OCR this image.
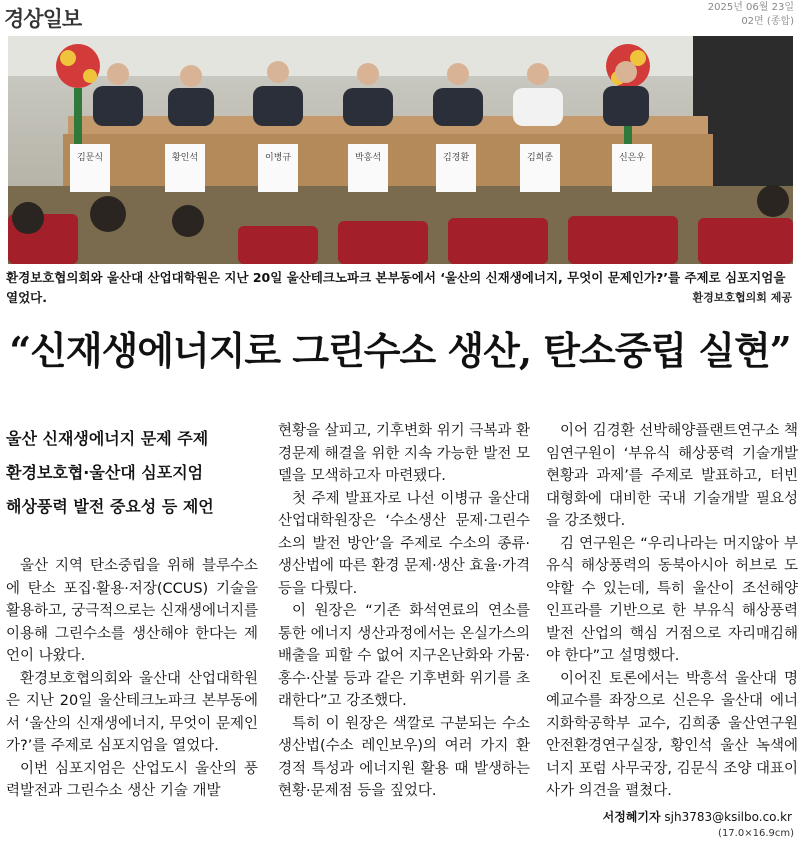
경상일보	2025년 06월 23일
02면 (종합)
김문식	황인석	이병규	박흥석	김경환	김희종	신은우
환경보호협의회와 울산대 산업대학원은 지난 20일 울산테크노파크 본부동에서 ‘울산의 신재생에너지, 무엇이 문제인가?’를 주제로 심포지엄을 열었다.	환경보호협의회 제공
“신재생에너지로 그린수소 생산, 탄소중립 실현”
울산 신재생에너지 문제 주제
환경보호협·울산대 심포지엄
해상풍력 발전 중요성 등 제언

울산 지역 탄소중립을 위해 블루수소에 탄소 포집·활용·저장(CCUS) 기술을 활용하고, 궁극적으로는 신재생에너지를 이용해 그린수소를 생산해야 한다는 제언이 나왔다.

환경보호협의회와 울산대 산업대학원은 지난 20일 울산테크노파크 본부동에서 ‘울산의 신재생에너지, 무엇이 문제인가?’를 주제로 심포지엄을 열었다.

이번 심포지엄은 산업도시 울산의 풍력발전과 그린수소 생산 기술 개발

현황을 살피고, 기후변화 위기 극복과 환경문제 해결을 위한 지속 가능한 발전 모델을 모색하고자 마련됐다.

첫 주제 발표자로 나선 이병규 울산대 산업대학원장은 ‘수소생산 문제·그린수소의 발전 방안’을 주제로 수소의 종류·생산법에 따른 환경 문제·생산 효율·가격 등을 다뤘다.

이 원장은 “기존 화석연료의 연소를 통한 에너지 생산과정에서는 온실가스의 배출을 피할 수 없어 지구온난화와 가뭄·홍수·산불 등과 같은 기후변화 위기를 초래한다”고 강조했다.

특히 이 원장은 색깔로 구분되는 수소생산법(수소 레인보우)의 여러 가지 환경적 특성과 에너지원 활용 때 발생하는 현황·문제점 등을 짚었다.

이어 김경환 선박해양플랜트연구소 책임연구원이 ‘부유식 해상풍력 기술개발 현황과 과제’를 주제로 발표하고, 터빈 대형화에 대비한 국내 기술개발 필요성을 강조했다.

김 연구원은 “우리나라는 머지않아 부유식 해상풍력의 동북아시아 허브로 도약할 수 있는데, 특히 울산이 조선해양 인프라를 기반으로 한 부유식 해상풍력 발전 산업의 핵심 거점으로 자리매김해야 한다”고 설명했다.

이어진 토론에서는 박흥석 울산대 명예교수를 좌장으로 신은우 울산대 에너지화학공학부 교수, 김희종 울산연구원 안전환경연구실장, 황인석 울산 녹색에너지 포럼 사무국장, 김문식 조양 대표이사가 의견을 펼쳤다.

서정혜기자 sjh3783@ksilbo.co.kr
(17.0×16.9cm)
